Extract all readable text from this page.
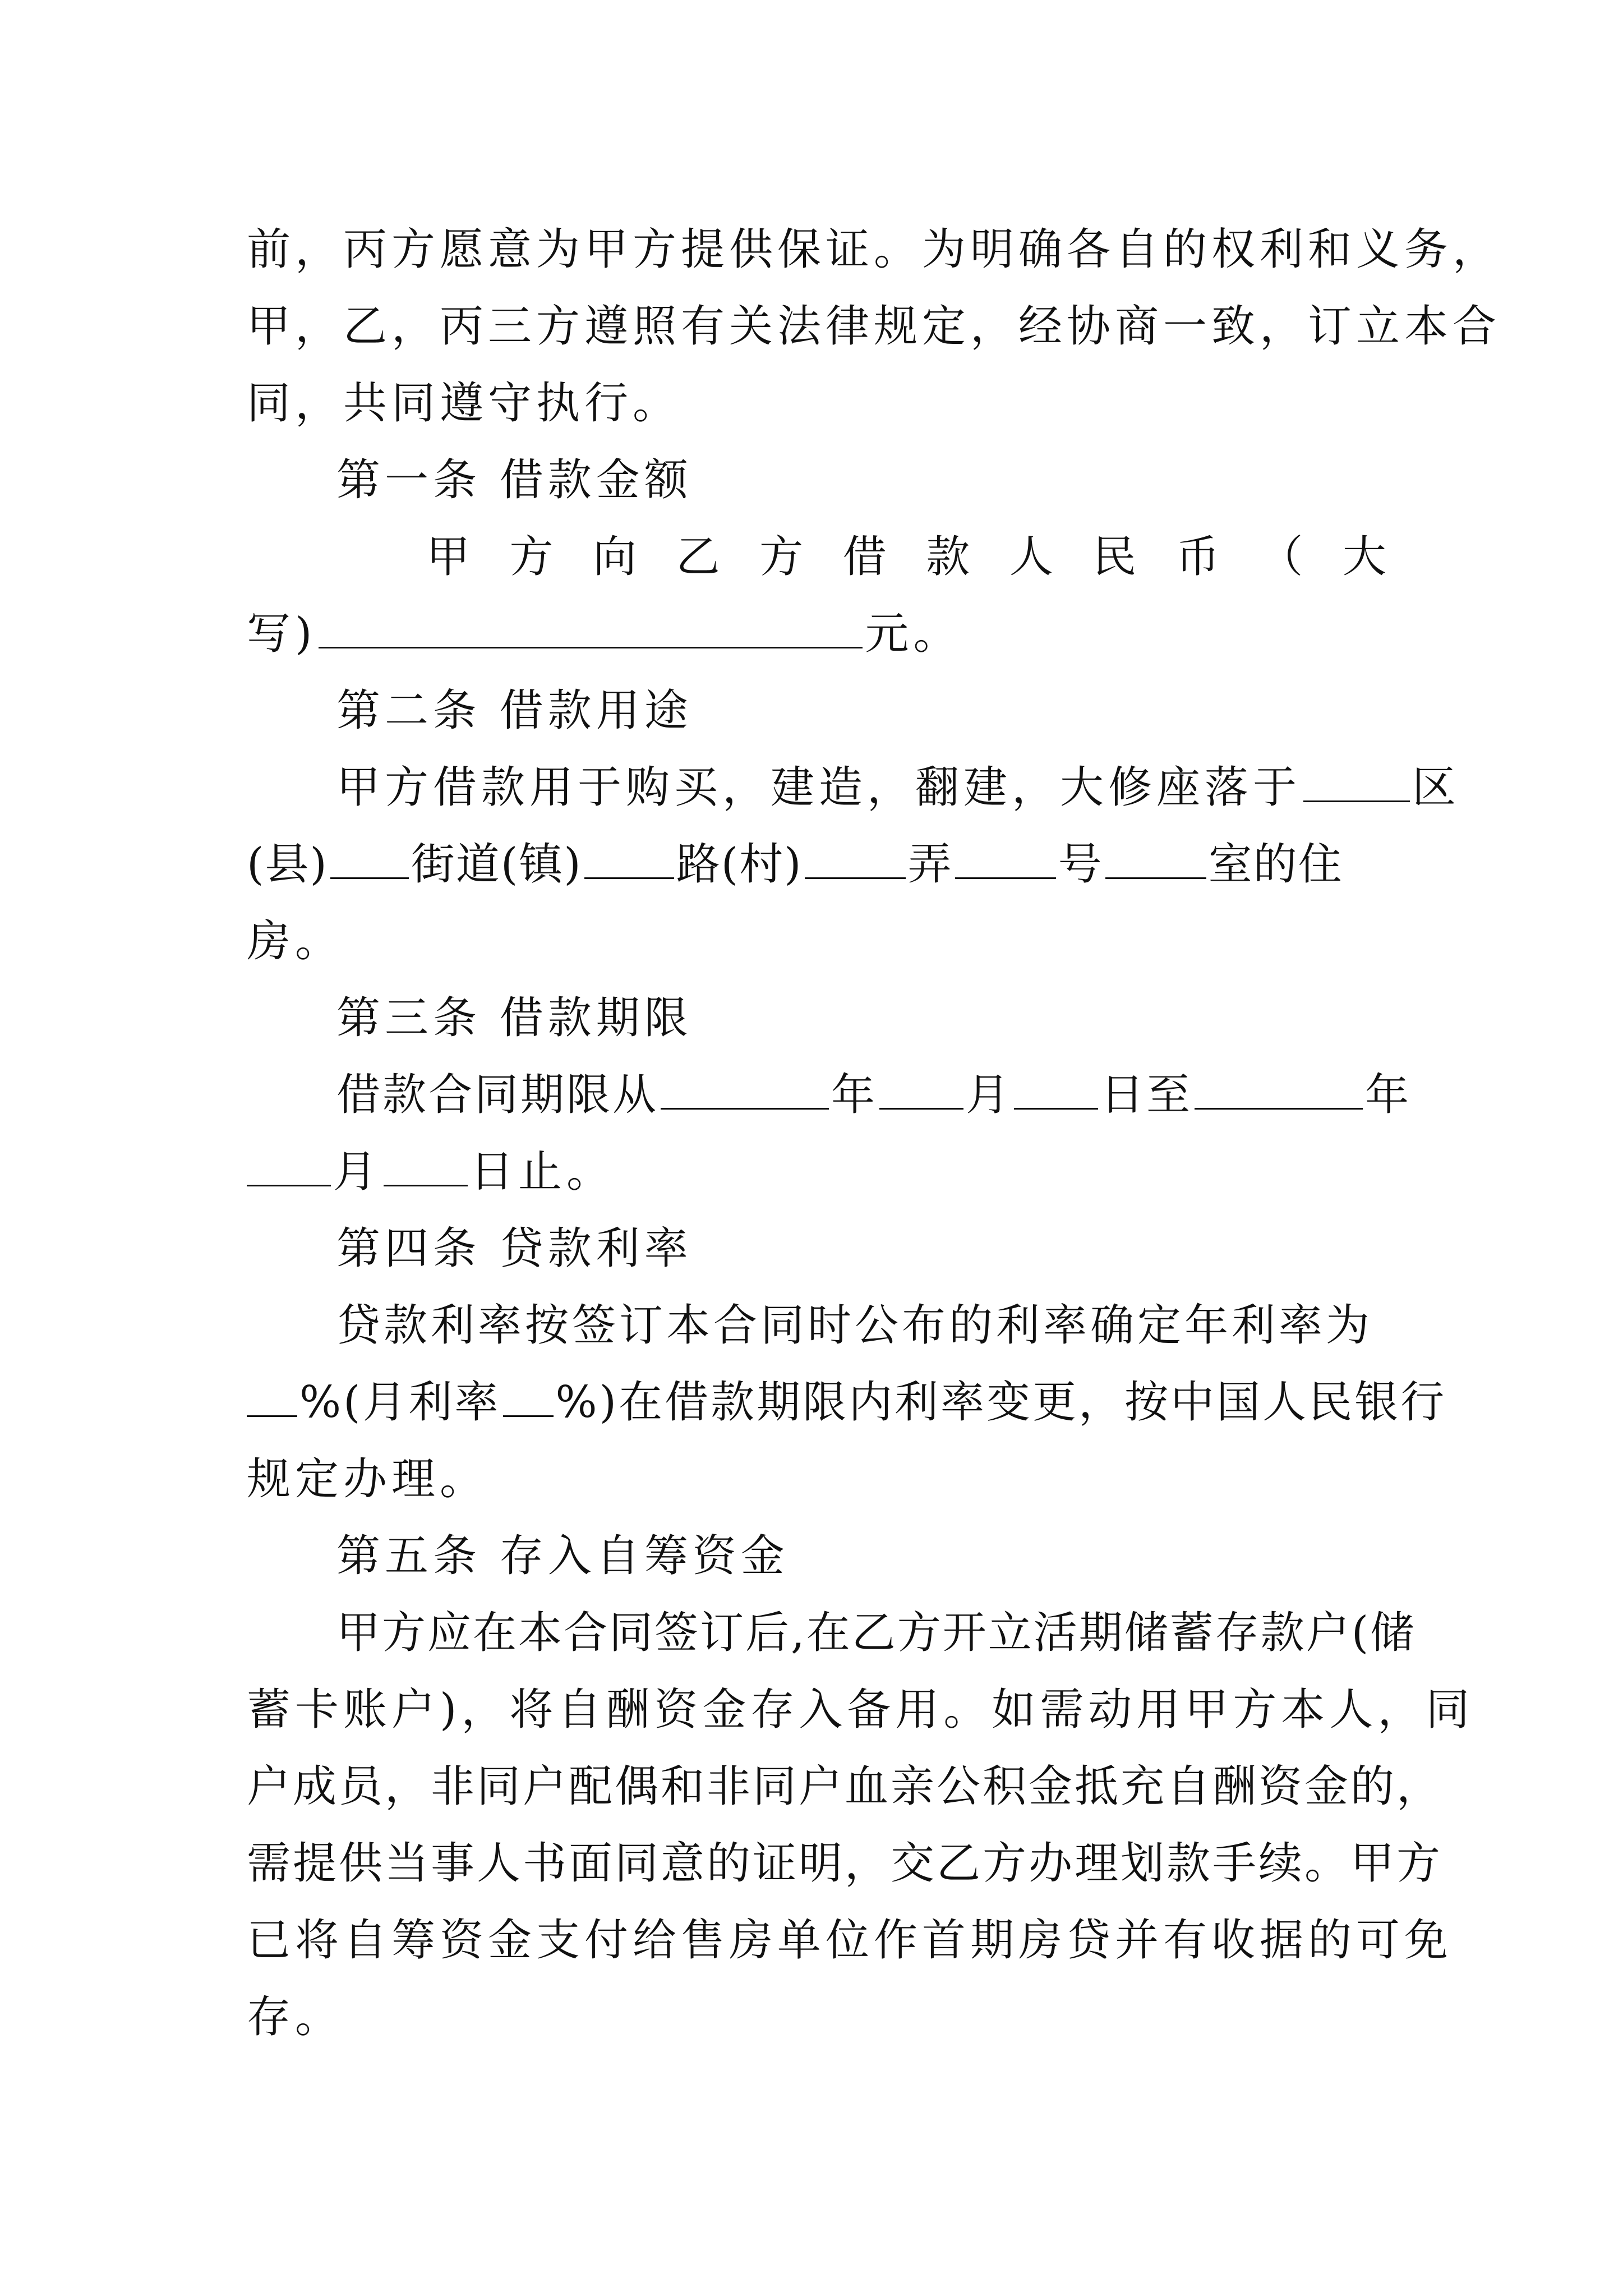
前，丙方愿意为甲方提供保证。为明确各自的权利和义务，
甲，乙，丙三方遵照有关法律规定，经协商一致，订立本合
同，共同遵守执行。
第一条 借款金额
甲 方 向 乙 方 借 款 人 民 币 （ 大
写)	元。
第二条 借款用途
甲方借款用于购买，建造，翻建，大修座落于	区
(县) 街道(镇) 路(村) 弄 号 室的住
房。
第三条 借款期限
借款合同期限从	年 月 日至	年
月 日止。
第四条 贷款利率
贷款利率按签订本合同时公布的利率确定年利率为
%(月利率 %)在借款期限内利率变更，按中国人民银行
规定办理。
第五条 存入自筹资金
甲方应在本合同签订后,在乙方开立活期储蓄存款户(储
蓄卡账户)，将自酬资金存入备用。如需动用甲方本人，同
户成员，非同户配偶和非同户血亲公积金抵充自酬资金的，
需提供当事人书面同意的证明，交乙方办理划款手续。甲方
已将自筹资金支付给售房单位作首期房贷并有收据的可免
存。
